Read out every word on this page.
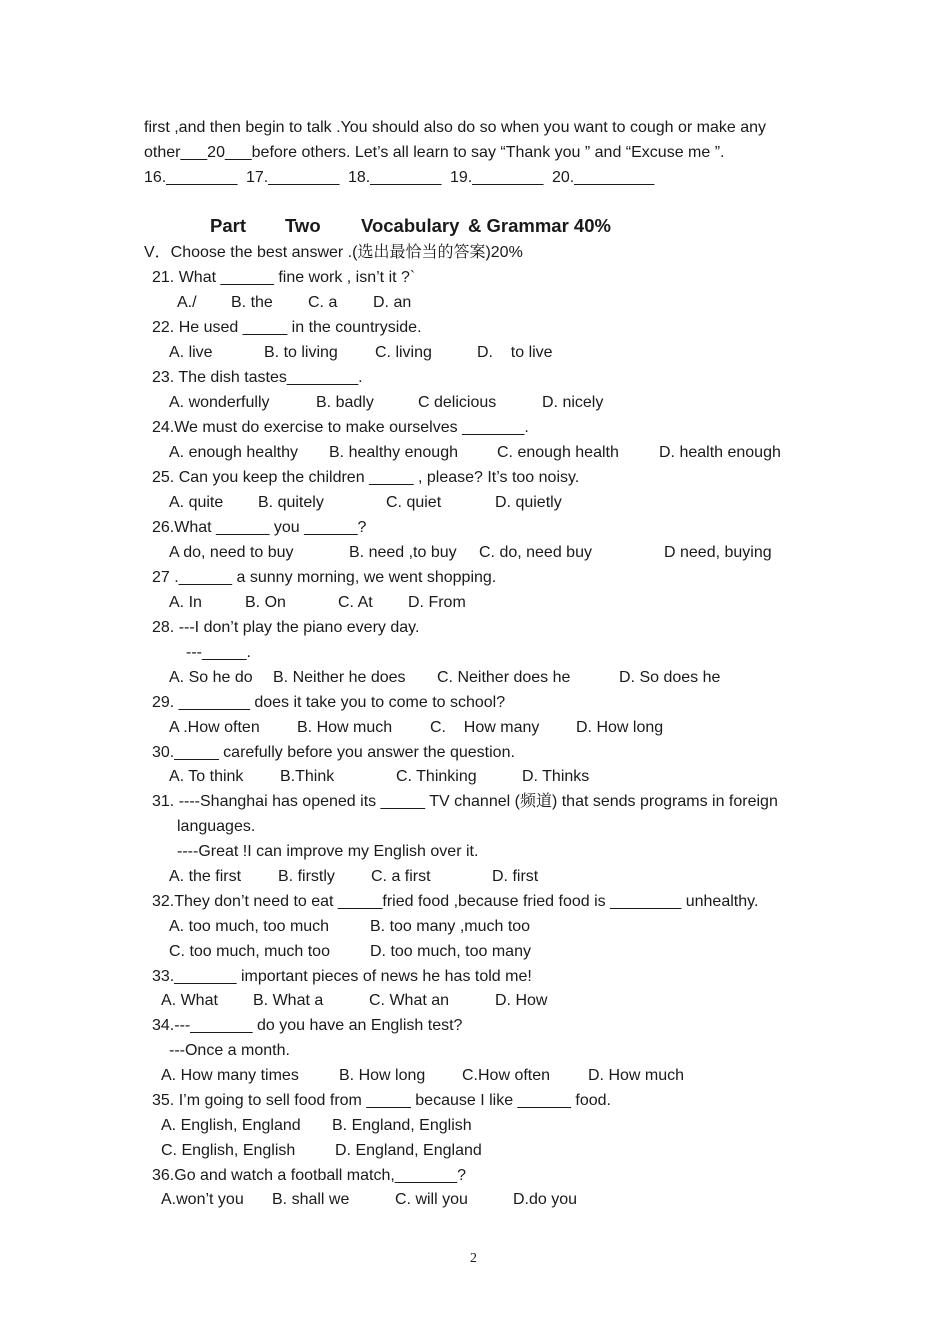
first ,and then begin to talk .You should also do so when you want to cough or make any
other___20___before others. Let’s all learn to say “Thank you ” and “Excuse me ”.
16.________ 17.________ 18.________ 19.________ 20._________
Part Two Vocabulary & Grammar 40%
V．Choose the best answer .(选出最恰当的答案)20%
21. What ______ fine work , isn’t it ?`
A./ B. the C. a D. an
22. He used _____ in the countryside.
A. live	B. to living C. living	D.    to live
23. The dish tastes________.
A. wonderfully	B. badly	C delicious	D. nicely
24.We must do exercise to make ourselves _______.
A. enough healthy B. healthy enough C. enough health	D. health enough
25. Can you keep the children _____ , please? It’s too noisy.
A. quite B. quitely	C. quiet	D. quietly
26.What ______ you ______?
A do, need to buy	B. need ,to buy C. do, need buy	D need, buying
27 .______ a sunny morning, we went shopping.
A. In	B. On	C. At D. From
28. ---I don’t play the piano every day.
---_____.
A. So he do B. Neither he does C. Neither does he	D. So does he
29. ________ does it take you to come to school?
A .How often B. How much C.    How many D. How long
30._____ carefully before you answer the question.
A. To think B.Think	C. Thinking	D. Thinks
31. ----Shanghai has opened its _____ TV channel (频道) that sends programs in foreign
languages.
----Great !I can improve my English over it.
A. the first B. firstly C. a first	D. first
32.They don’t need to eat _____fried food ,because fried food is ________ unhealthy.
A. too much, too much	B. too many ,much too
C. too much, much too	D. too much, too many
33._______ important pieces of news he has told me!
A. What B. What a	C. What an	D. How
34.---_______ do you have an English test?
---Once a month.
A. How many times	B. How long C.How often D. How much
35. I’m going to sell food from _____ because I like ______ food.
A. English, England B. England, English
C. English, English D. England, England
36.Go and watch a football match,_______?
A.won’t you B. shall we	C. will you	D.do you
2
